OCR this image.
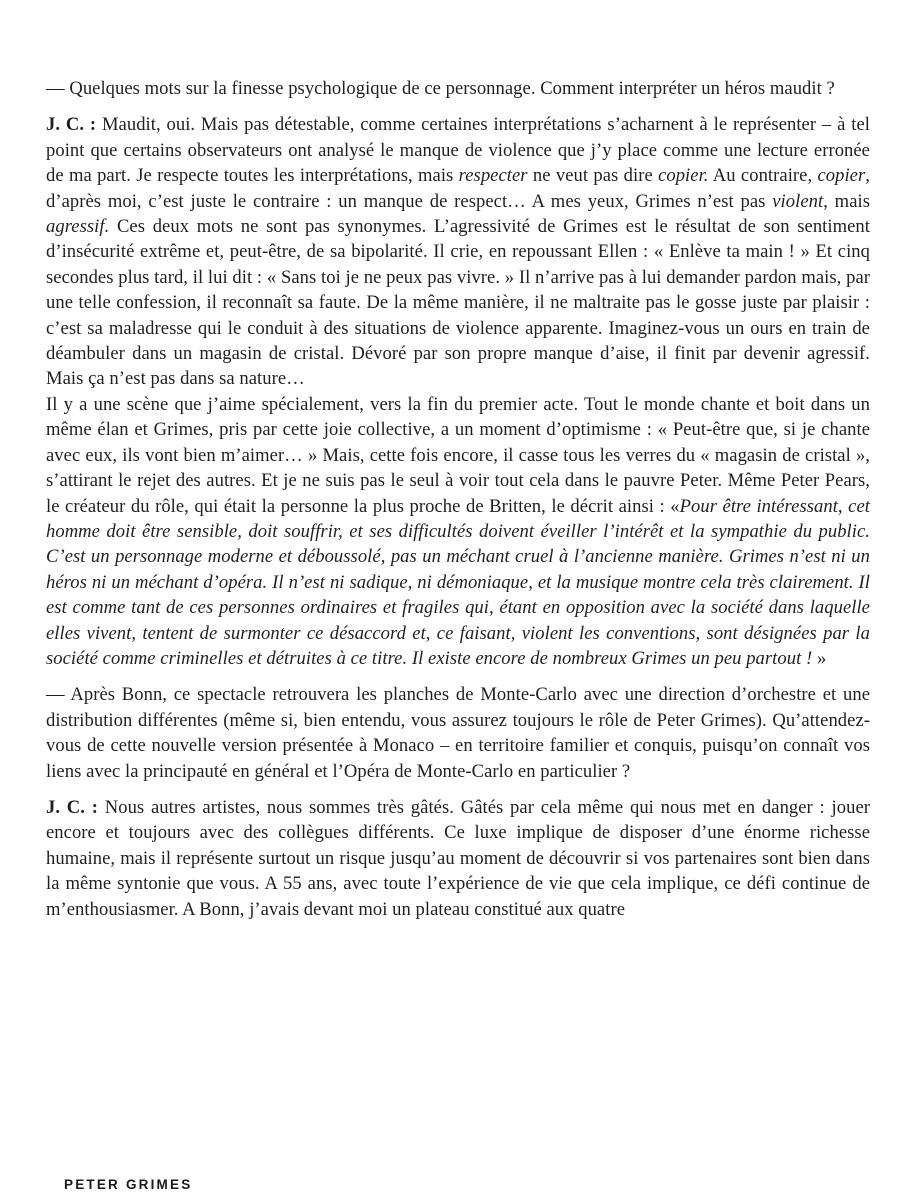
— Quelques mots sur la finesse psychologique de ce personnage. Comment interpréter un héros maudit ?

J. C. : Maudit, oui. Mais pas détestable, comme certaines interprétations s’acharnent à le représenter – à tel point que certains observateurs ont analysé le manque de violence que j’y place comme une lecture erronée de ma part. Je respecte toutes les interprétations, mais respecter ne veut pas dire copier. Au contraire, copier, d’après moi, c’est juste le contraire : un manque de respect… A mes yeux, Grimes n’est pas violent, mais agressif. Ces deux mots ne sont pas synonymes. L’agressivité de Grimes est le résultat de son sentiment d’insécurité extrême et, peut-être, de sa bipolarité. Il crie, en repoussant Ellen : « Enlève ta main ! » Et cinq secondes plus tard, il lui dit : « Sans toi je ne peux pas vivre. » Il n’arrive pas à lui demander pardon mais, par une telle confession, il reconnaît sa faute. De la même manière, il ne maltraite pas le gosse juste par plaisir : c’est sa maladresse qui le conduit à des situations de violence apparente. Imaginez-vous un ours en train de déambuler dans un magasin de cristal. Dévoré par son propre manque d’aise, il finit par devenir agressif. Mais ça n’est pas dans sa nature…

Il y a une scène que j’aime spécialement, vers la fin du premier acte. Tout le monde chante et boit dans un même élan et Grimes, pris par cette joie collective, a un moment d’optimisme : « Peut-être que, si je chante avec eux, ils vont bien m’aimer… » Mais, cette fois encore, il casse tous les verres du « magasin de cristal », s’attirant le rejet des autres. Et je ne suis pas le seul à voir tout cela dans le pauvre Peter. Même Peter Pears, le créateur du rôle, qui était la personne la plus proche de Britten, le décrit ainsi : «Pour être intéressant, cet homme doit être sensible, doit souffrir, et ses difficultés doivent éveiller l’intérêt et la sympathie du public. C’est un personnage moderne et déboussolé, pas un méchant cruel à l’ancienne manière. Grimes n’est ni un héros ni un méchant d’opéra. Il n’est ni sadique, ni démoniaque, et la musique montre cela très clairement. Il est comme tant de ces personnes ordinaires et fragiles qui, étant en opposition avec la société dans laquelle elles vivent, tentent de surmonter ce désaccord et, ce faisant, violent les conventions, sont désignées par la société comme criminelles et détruites à ce titre. Il existe encore de nombreux Grimes un peu partout ! »

— Après Bonn, ce spectacle retrouvera les planches de Monte-Carlo avec une direction d’orchestre et une distribution différentes (même si, bien entendu, vous assurez toujours le rôle de Peter Grimes). Qu’attendez-vous de cette nouvelle version présentée à Monaco – en territoire familier et conquis, puisqu’on connaît vos liens avec la principauté en général et l’Opéra de Monte-Carlo en particulier ?

J. C. : Nous autres artistes, nous sommes très gâtés. Gâtés par cela même qui nous met en danger : jouer encore et toujours avec des collègues différents. Ce luxe implique de disposer d’une énorme richesse humaine, mais il représente surtout un risque jusqu’au moment de découvrir si vos partenaires sont bien dans la même syntonie que vous. A 55 ans, avec toute l’expérience de vie que cela implique, ce défi continue de m’enthousiasmer. A Bonn, j’avais devant moi un plateau constitué aux quatre

PETER GRIMES
